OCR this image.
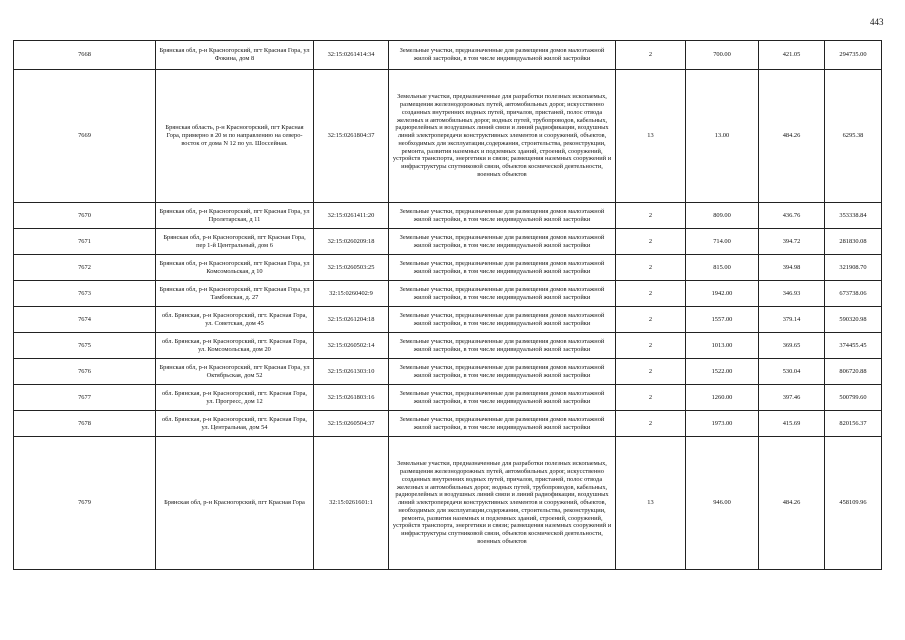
443
7668	Брянская обл, р-н Красногорский, пгт Красная Гора, ул Фокина, дом 8	32:15:0261414:34	Земельные участки, предназначенные для размещения домов малоэтажной жилой застройки, в том числе индивидуальной жилой застройки	2	700.00	421.05	294735.00
7669	Брянская область, р-н Красногорский, пгт Красная Гора, примерно в 20 м по направлению на северо-восток от дома N 12 по ул. Шоссейная.	32:15:0261804:37	Земельные участки, предназначенные для разработки полезных ископаемых, размещения железнодорожных путей, автомобильных дорог, искусственно созданных внутренних водных путей, причалов, пристаней, полос отвода железных и автомобильных дорог, водных путей, трубопроводов, кабельных, радиорелейных и воздушных линий связи и линий радиофикации, воздушных линий электропередачи конструктивных элементов и сооружений, объектов, необходимых для эксплуатации,содержания, строительства, реконструкции, ремонта, развития наземных и подземных зданий, строений, сооружений, устройств транспорта, энергетики и связи; размещения наземных сооружений и инфраструктуры спутниковой связи, объектов космической деятельности, военных объектов	13	13.00	484.26	6295.38
7670	Брянская обл, р-н Красногорский, пгт Красная Гора, ул Пролетарская, д 11	32:15:0261411:20	Земельные участки, предназначенные для размещения домов малоэтажной жилой застройки, в том числе индивидуальной жилой застройки	2	809.00	436.76	353338.84
7671	Брянская обл, р-н Красногорский, пгт Красная Гора, пер 1-й Центральный, дом 6	32:15:0260209:18	Земельные участки, предназначенные для размещения домов малоэтажной жилой застройки, в том числе индивидуальной жилой застройки	2	714.00	394.72	281830.08
7672	Брянская обл, р-н Красногорский, пгт Красная Гора, ул Комсомольская, д 10	32:15:0260503:25	Земельные участки, предназначенные для размещения домов малоэтажной жилой застройки, в том числе индивидуальной жилой застройки	2	815.00	394.98	321908.70
7673	Брянская обл, р-н Красногорский, пгт Красная Гора, ул Тамбовская, д. 27	32:15:0260402:9	Земельные участки, предназначенные для размещения домов малоэтажной жилой застройки, в том числе индивидуальной жилой застройки	2	1942.00	346.93	673738.06
7674	обл. Брянская, р-н Красногорский, пгт. Красная Гора, ул. Советская, дом 45	32:15:0261204:18	Земельные участки, предназначенные для размещения домов малоэтажной жилой застройки, в том числе индивидуальной жилой застройки	2	1557.00	379.14	590320.98
7675	обл. Брянская, р-н Красногорский, пгт. Красная Гора, ул. Комсомольская, дом 20	32:15:0260502:14	Земельные участки, предназначенные для размещения домов малоэтажной жилой застройки, в том числе индивидуальной жилой застройки	2	1013.00	369.65	374455.45
7676	Брянская обл, р-н Красногорский, пгт Красная Гора, ул Октябрьская, дом 52	32:15:0261303:10	Земельные участки, предназначенные для размещения домов малоэтажной жилой застройки, в том числе индивидуальной жилой застройки	2	1522.00	530.04	806720.88
7677	обл. Брянская, р-н Красногорский, пгт. Красная Гора, ул. Прогресс, дом 12	32:15:0261803:16	Земельные участки, предназначенные для размещения домов малоэтажной жилой застройки, в том числе индивидуальной жилой застройки	2	1260.00	397.46	500799.60
7678	обл. Брянская, р-н Красногорский, пгт. Красная Гора, ул. Центральная, дом 54	32:15:0260504:37	Земельные участки, предназначенные для размещения домов малоэтажной жилой застройки, в том числе индивидуальной жилой застройки	2	1973.00	415.69	820156.37
7679	Брянская обл, р-н Красногорский, пгт Красная Гора	32:15:0261601:1	Земельные участки, предназначенные для разработки полезных ископаемых, размещения железнодорожных путей, автомобильных дорог, искусственно созданных внутренних водных путей, причалов, пристаней, полос отвода железных и автомобильных дорог, водных путей, трубопроводов, кабельных, радиорелейных и воздушных линий связи и линий радиофикации, воздушных линий электропередачи конструктивных элементов и сооружений, объектов, необходимых для эксплуатации,содержания, строительства, реконструкции, ремонта, развития наземных и подземных зданий, строений, сооружений, устройств транспорта, энергетики и связи; размещения наземных сооружений и инфраструктуры спутниковой связи, объектов космической деятельности, военных объектов	13	946.00	484.26	458109.96
